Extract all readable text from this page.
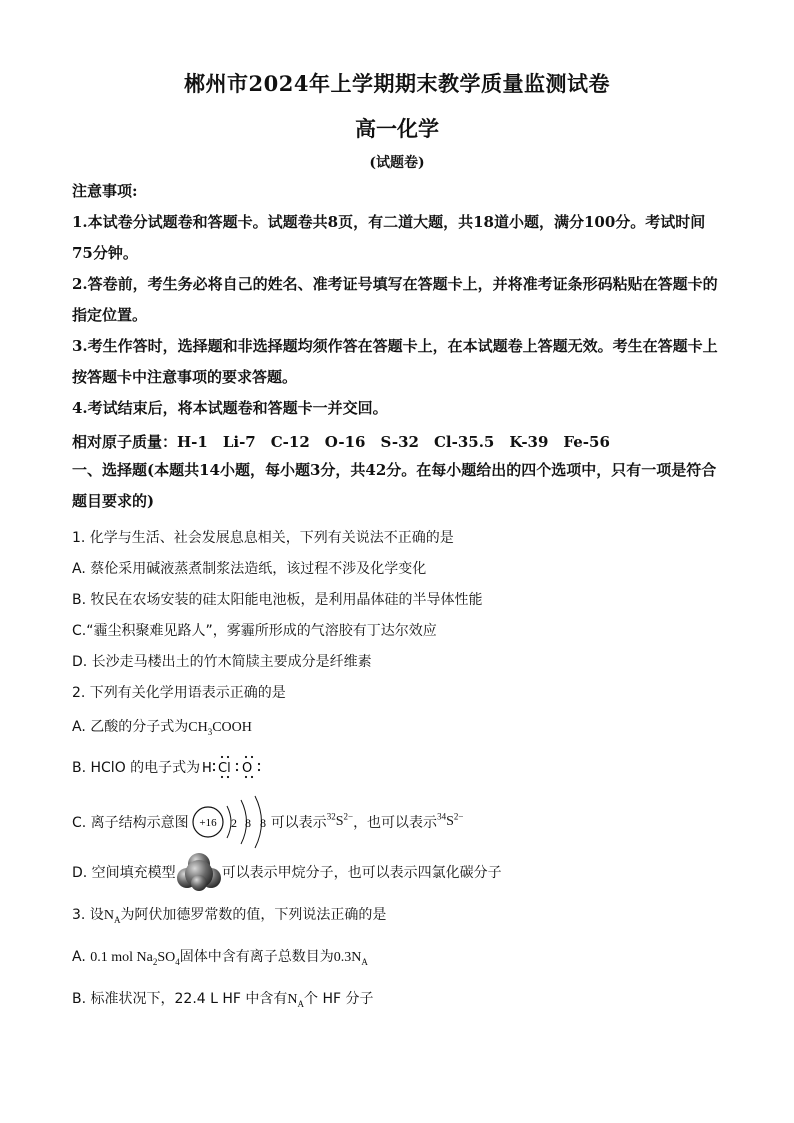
郴州市2024年上学期期末教学质量监测试卷
高一化学
(试题卷)
注意事项:
1.本试卷分试题卷和答题卡。试题卷共8页，有二道大题，共18道小题，满分100分。考试时间75分钟。
2.答卷前，考生务必将自己的姓名、准考证号填写在答题卡上，并将准考证条形码粘贴在答题卡的指定位置。
3.考生作答时，选择题和非选择题均须作答在答题卡上，在本试题卷上答题无效。考生在答题卡上按答题卡中注意事项的要求答题。
4.考试结束后，将本试题卷和答题卡一并交回。
相对原子质量：H-1　Li-7　C-12　O-16　S-32　Cl-35.5　K-39　Fe-56
一、选择题(本题共14小题，每小题3分，共42分。在每小题给出的四个选项中，只有一项是符合题目要求的)
1. 化学与生活、社会发展息息相关，下列有关说法不正确的是
A. 蔡伦采用碱液蒸煮制浆法造纸，该过程不涉及化学变化
B. 牧民在农场安装的硅太阳能电池板，是利用晶体硅的半导体性能
C.“霾尘积聚难见路人”，雾霾所形成的气溶胶有丁达尔效应
D. 长沙走马楼出土的竹木简牍主要成分是纤维素
2. 下列有关化学用语表示正确的是
A. 乙酸的分子式为$CH_3COOH$
B. HClO 的电子式为 H Cl O
C. 离子结构示意图 +16 2 8 8 可以表示 $^{32}S^{2-}$ ，也可以表示 $^{34}S^{2-}$
D. 空间填充模型	可以表示甲烷分子，也可以表示四氯化碳分子
3. 设$N_A$为阿伏加德罗常数的值，下列说法正确的是
A. 0.1 mol $Na_2SO_4$固体中含有离子总数目为$0.3N_A$
B. 标准状况下，22.4 L HF 中含有$N_A$个 HF 分子
